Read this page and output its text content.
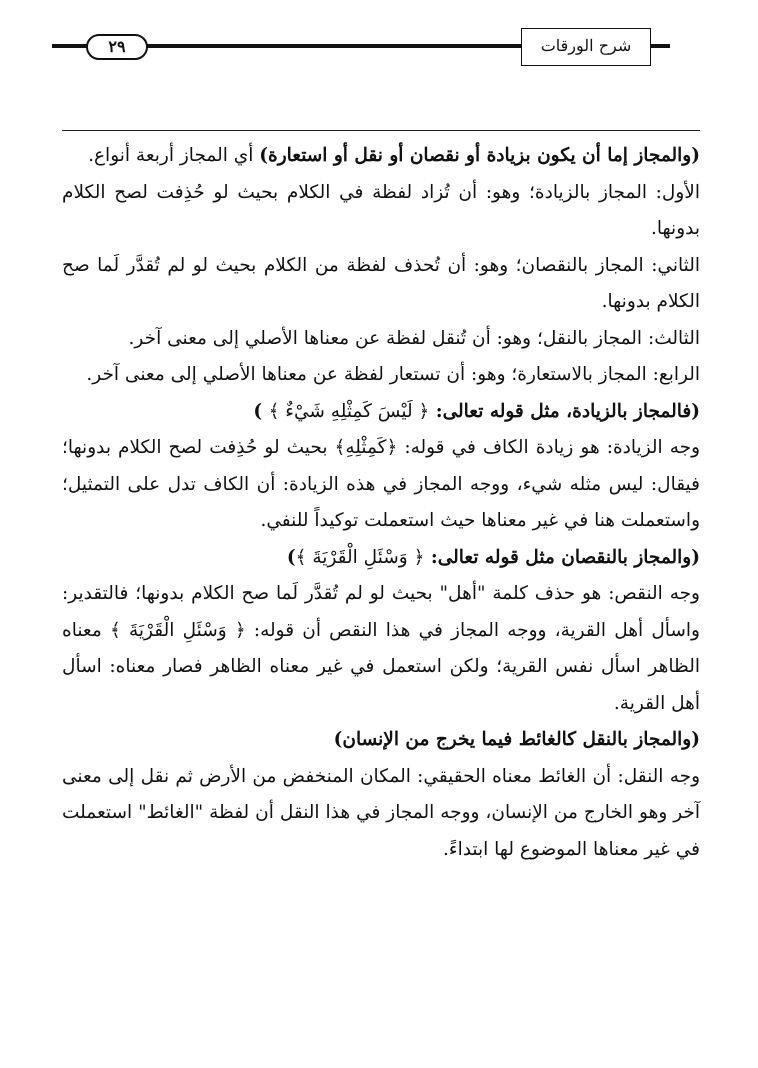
٢٩	شرح الورقات

(والمجاز إما أن يكون بزيادة أو نقصان أو نقل أو استعارة) أي المجاز أربعة أنواع.

الأول: المجاز بالزيادة؛ وهو: أن تُزاد لفظة في الكلام بحيث لو حُذِفت لصح الكلام بدونها.

الثاني: المجاز بالنقصان؛ وهو: أن تُحذف لفظة من الكلام بحيث لو لم تُقدَّر لَما صح الكلام بدونها.

الثالث: المجاز بالنقل؛ وهو: أن تُنقل لفظة عن معناها الأصلي إلى معنى آخر.

الرابع: المجاز بالاستعارة؛ وهو: أن تستعار لفظة عن معناها الأصلي إلى معنى آخر.

(فالمجاز بالزيادة، مثل قوله تعالى: ﴿ لَيْسَ كَمِثْلِهِ شَيْءٌ ﴾ )

وجه الزيادة: هو زيادة الكاف في قوله: ﴿كَمِثْلِهِ﴾ بحيث لو حُذِفت لصح الكلام بدونها؛ فيقال: ليس مثله شيء، ووجه المجاز في هذه الزيادة: أن الكاف تدل على التمثيل؛ واستعملت هنا في غير معناها حيث استعملت توكيداً للنفي.

(والمجاز بالنقصان مثل قوله تعالى: ﴿ وَسْئَلِ الْقَرْيَةَ ﴾)

وجه النقص: هو حذف كلمة "أهل" بحيث لو لم تُقدَّر لَما صح الكلام بدونها؛ فالتقدير: واسأل أهل القرية، ووجه المجاز في هذا النقص أن قوله: ﴿ وَسْئَلِ الْقَرْيَةَ ﴾ معناه الظاهر اسأل نفس القرية؛ ولكن استعمل في غير معناه الظاهر فصار معناه: اسأل أهل القرية.

(والمجاز بالنقل كالغائط فيما يخرج من الإنسان)

وجه النقل: أن الغائط معناه الحقيقي: المكان المنخفض من الأرض ثم نقل إلى معنى آخر وهو الخارج من الإنسان، ووجه المجاز في هذا النقل أن لفظة "الغائط" استعملت في غير معناها الموضوع لها ابتداءً.
